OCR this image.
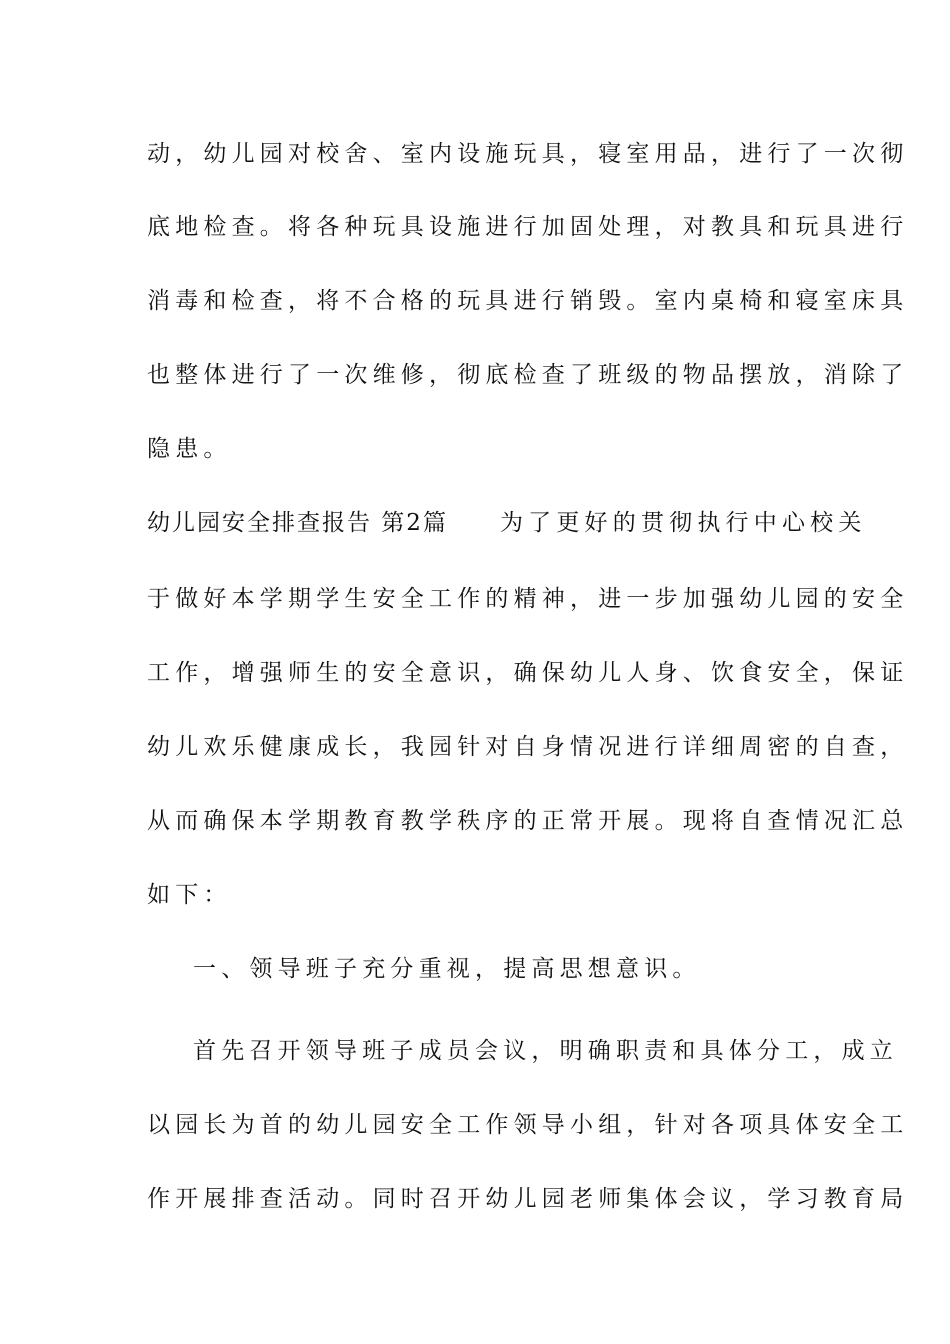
动，幼儿园对校舍、室内设施玩具，寝室用品，进行了一次彻
底地检查。将各种玩具设施进行加固处理，对教具和玩具进行
消毒和检查，将不合格的玩具进行销毁。室内桌椅和寝室床具
也整体进行了一次维修，彻底检查了班级的物品摆放，消除了
隐患。
幼儿园安全排查报告 第2篇 为了更好的贯彻执行中心校关
于做好本学期学生安全工作的精神，进一步加强幼儿园的安全
工作，增强师生的安全意识，确保幼儿人身、饮食安全，保证
幼儿欢乐健康成长，我园针对自身情况进行详细周密的自查，
从而确保本学期教育教学秩序的正常开展。现将自查情况汇总
如下：
一、领导班子充分重视，提高思想意识。
首先召开领导班子成员会议，明确职责和具体分工，成立
以园长为首的幼儿园安全工作领导小组，针对各项具体安全工
作开展排查活动。同时召开幼儿园老师集体会议，学习教育局
